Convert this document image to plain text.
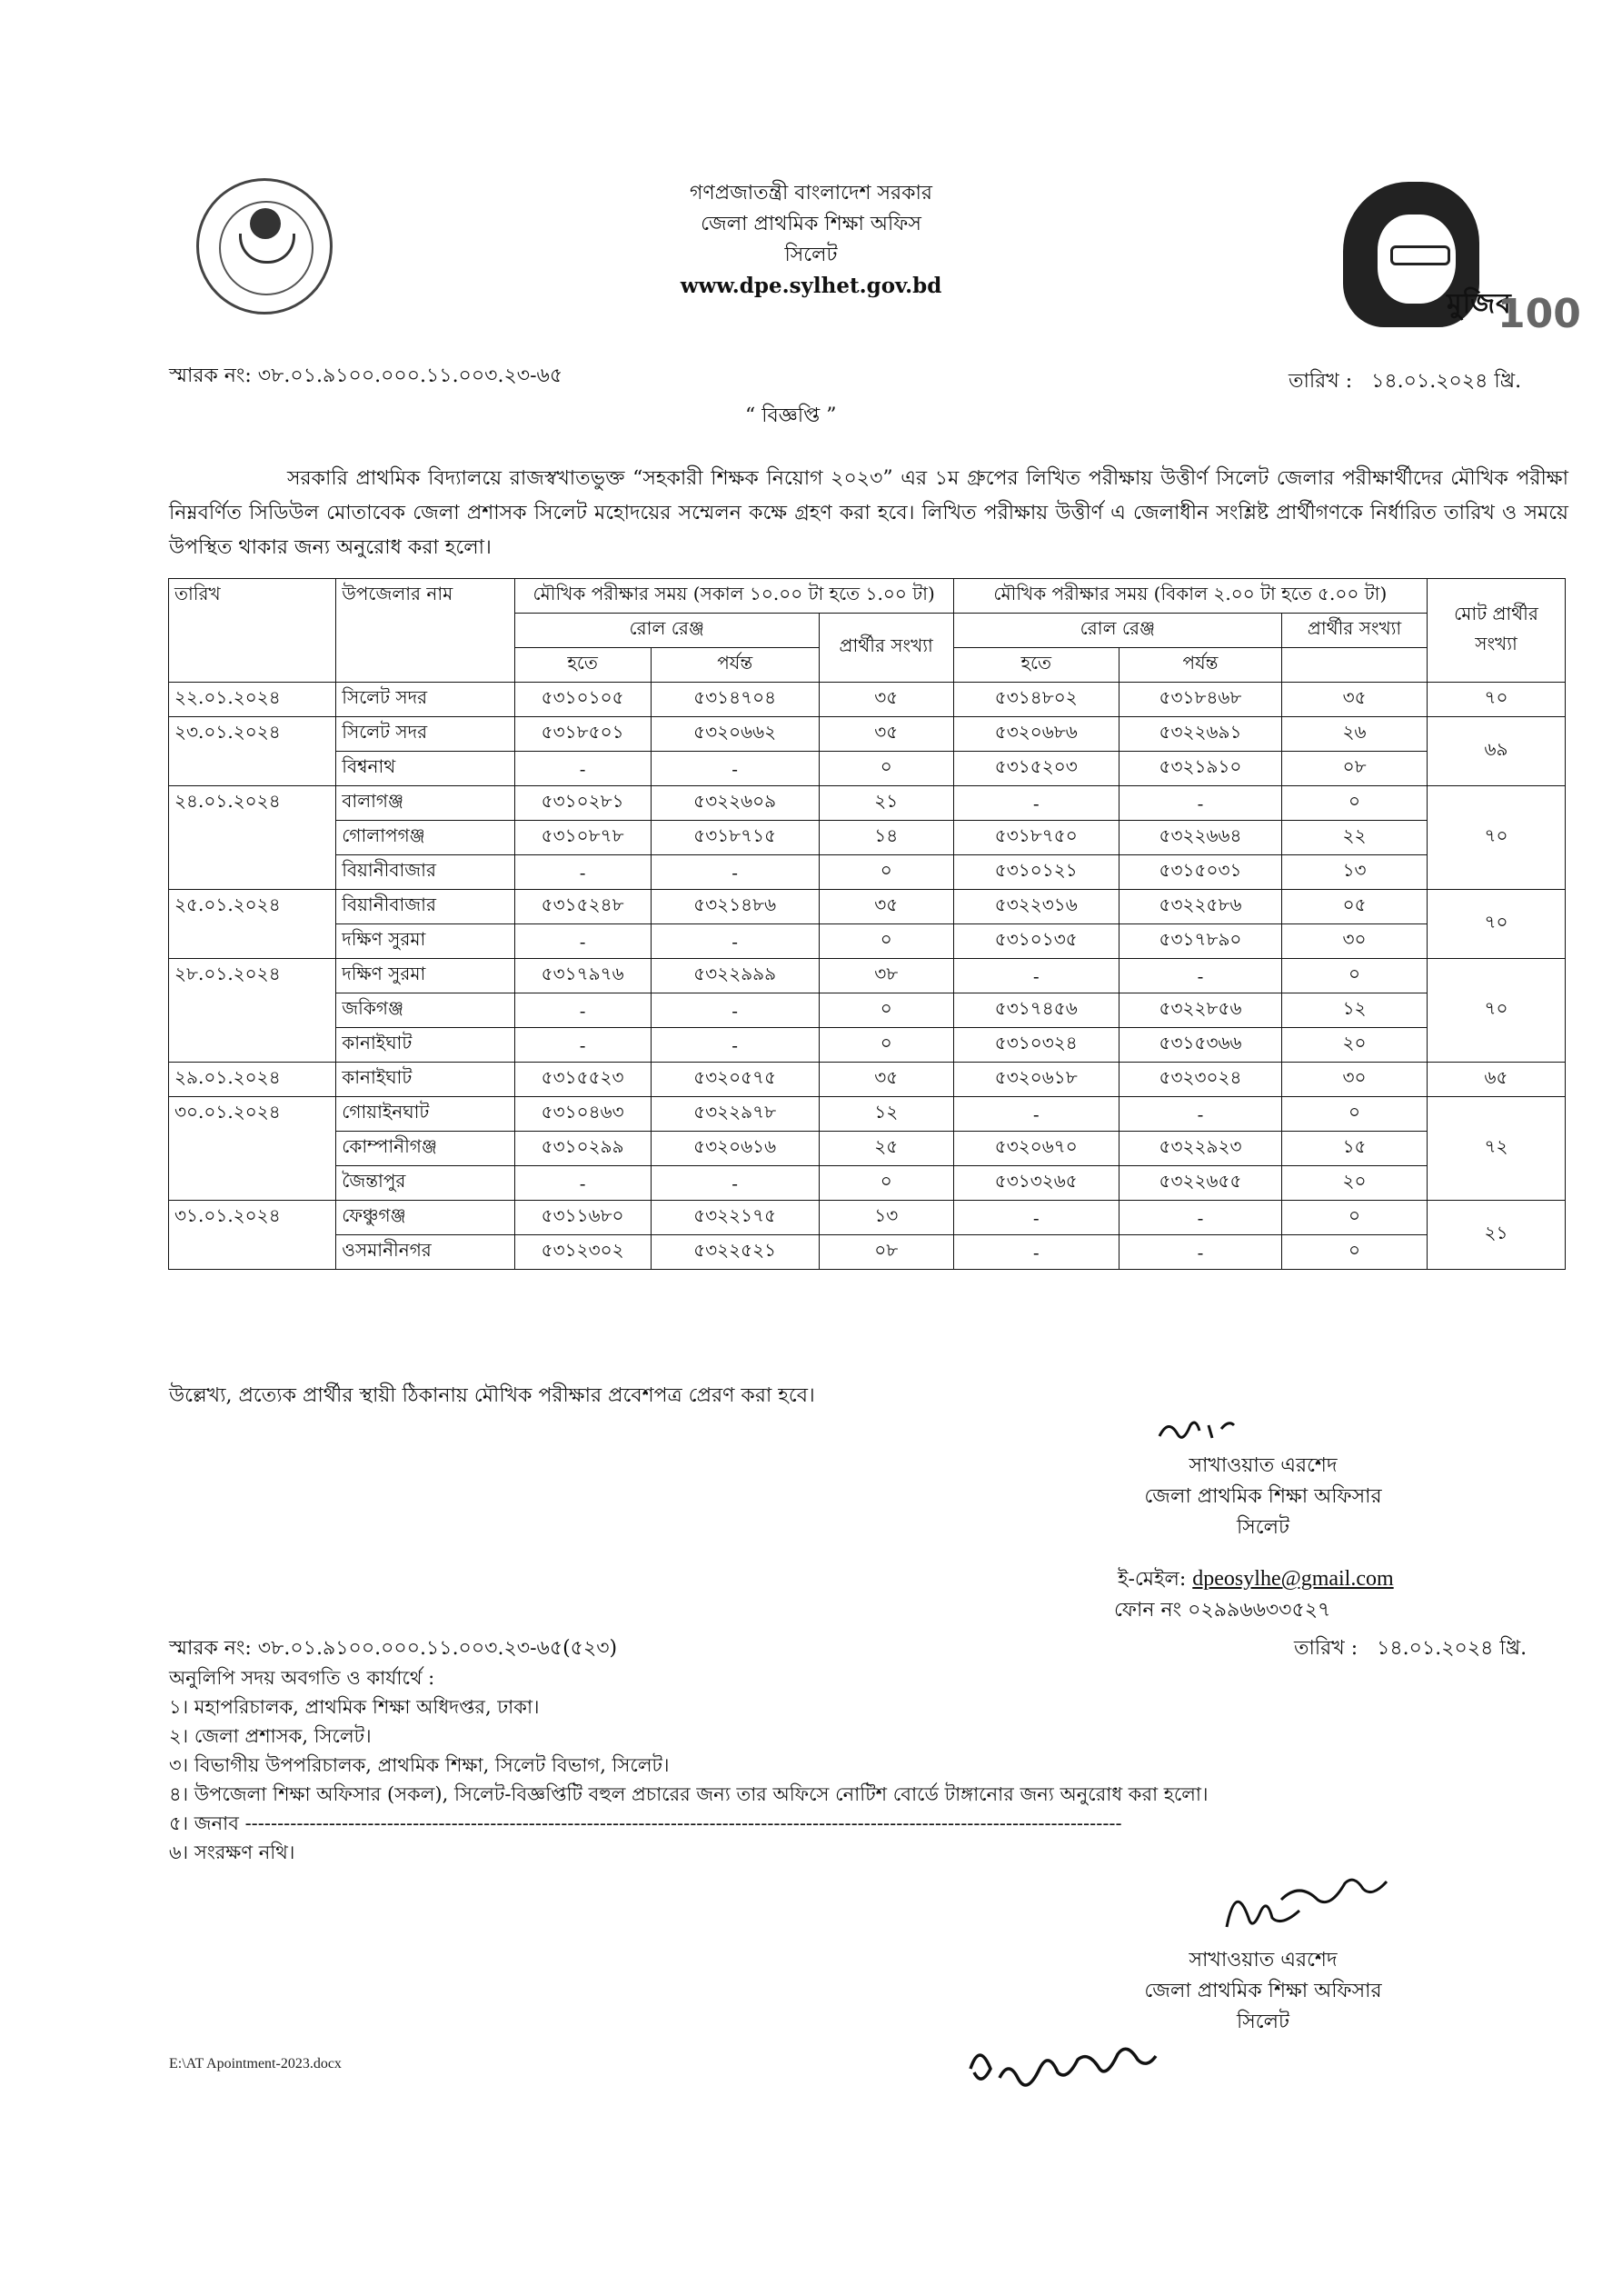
মুজিব
100
গণপ্রজাতন্ত্রী বাংলাদেশ সরকার
জেলা প্রাথমিক শিক্ষা অফিস
সিলেট
www.dpe.sylhet.gov.bd
স্মারক নং: ৩৮.০১.৯১০০.০০০.১১.০০৩.২৩-৬৫	তারিখ : ১৪.০১.২০২৪ খ্রি.
“ বিজ্ঞপ্তি ”
সরকারি প্রাথমিক বিদ্যালয়ে রাজস্বখাতভুক্ত “সহকারী শিক্ষক নিয়োগ ২০২৩” এর ১ম গ্রুপের লিখিত পরীক্ষায় উত্তীর্ণ সিলেট জেলার পরীক্ষার্থীদের মৌখিক পরীক্ষা নিম্নবর্ণিত সিডিউল মোতাবেক জেলা প্রশাসক সিলেট মহোদয়ের সম্মেলন কক্ষে গ্রহণ করা হবে। লিখিত পরীক্ষায় উত্তীর্ণ এ জেলাধীন সংশ্লিষ্ট প্রার্থীগণকে নির্ধারিত তারিখ ও সময়ে উপস্থিত থাকার জন্য অনুরোধ করা হলো।
তারিখ	উপজেলার নাম	মৌখিক পরীক্ষার সময় (সকাল ১০.০০ টা হতে ১.০০ টা)			মৌখিক পরীক্ষার সময় (বিকাল ২.০০ টা হতে ৫.০০ টা)			মোট প্রার্থীর সংখ্যা
		রোল রেঞ্জ		প্রার্থীর সংখ্যা	রোল রেঞ্জ		প্রার্থীর সংখ্যা	
		হতে	পর্যন্ত		হতে	পর্যন্ত		
২২.০১.২০২৪	সিলেট সদর	৫৩১০১০৫	৫৩১৪৭০৪	৩৫	৫৩১৪৮০২	৫৩১৮৪৬৮	৩৫	৭০
২৩.০১.২০২৪	সিলেট সদর	৫৩১৮৫০১	৫৩২০৬৬২	৩৫	৫৩২০৬৮৬	৫৩২২৬৯১	২৬	৬৯
	বিশ্বনাথ	-	-	০	৫৩১৫২০৩	৫৩২১৯১০	০৮	
২৪.০১.২০২৪	বালাগঞ্জ	৫৩১০২৮১	৫৩২২৬০৯	২১	-	-	০	৭০
	গোলাপগঞ্জ	৫৩১০৮৭৮	৫৩১৮৭১৫	১৪	৫৩১৮৭৫০	৫৩২২৬৬৪	২২	
	বিয়ানীবাজার	-	-	০	৫৩১০১২১	৫৩১৫০৩১	১৩	
২৫.০১.২০২৪	বিয়ানীবাজার	৫৩১৫২৪৮	৫৩২১৪৮৬	৩৫	৫৩২২৩১৬	৫৩২২৫৮৬	০৫	৭০
	দক্ষিণ সুরমা	-	-	০	৫৩১০১৩৫	৫৩১৭৮৯০	৩০	
২৮.০১.২০২৪	দক্ষিণ সুরমা	৫৩১৭৯৭৬	৫৩২২৯৯৯	৩৮	-	-	০	৭০
	জকিগঞ্জ	-	-	০	৫৩১৭৪৫৬	৫৩২২৮৫৬	১২	
	কানাইঘাট	-	-	০	৫৩১০৩২৪	৫৩১৫৩৬৬	২০	
২৯.০১.২০২৪	কানাইঘাট	৫৩১৫৫২৩	৫৩২০৫৭৫	৩৫	৫৩২০৬১৮	৫৩২৩০২৪	৩০	৬৫
৩০.০১.২০২৪	গোয়াইনঘাট	৫৩১০৪৬৩	৫৩২২৯৭৮	১২	-	-	০	৭২
	কোম্পানীগঞ্জ	৫৩১০২৯৯	৫৩২০৬১৬	২৫	৫৩২০৬৭০	৫৩২২৯২৩	১৫	
	জৈন্তাপুর	-	-	০	৫৩১৩২৬৫	৫৩২২৬৫৫	২০	
৩১.০১.২০২৪	ফেঞ্চুগঞ্জ	৫৩১১৬৮০	৫৩২২১৭৫	১৩	-	-	০	২১
	ওসমানীনগর	৫৩১২৩০২	৫৩২২৫২১	০৮	-	-	০	
উল্লেখ্য, প্রত্যেক প্রার্থীর স্থায়ী ঠিকানায় মৌখিক পরীক্ষার প্রবেশপত্র প্রেরণ করা হবে।
সাখাওয়াত এরশেদ
জেলা প্রাথমিক শিক্ষা অফিসার
সিলেট
ই-মেইল: dpeosylhe@gmail.com
ফোন নং ০২৯৯৬৬৩৩৫২৭
স্মারক নং: ৩৮.০১.৯১০০.০০০.১১.০০৩.২৩-৬৫(৫২৩)	তারিখ : ১৪.০১.২০২৪ খ্রি.
অনুলিপি সদয় অবগতি ও কার্যার্থে :
১। মহাপরিচালক, প্রাথমিক শিক্ষা অধিদপ্তর, ঢাকা।
২। জেলা প্রশাসক, সিলেট।
৩। বিভাগীয় উপপরিচালক, প্রাথমিক শিক্ষা, সিলেট বিভাগ, সিলেট।
৪। উপজেলা শিক্ষা অফিসার (সকল), সিলেট-বিজ্ঞপ্তিটি বহুল প্রচারের জন্য তার অফিসে নোটিশ বোর্ডে টাঙ্গানোর জন্য অনুরোধ করা হলো।
৫। জনাব ----------------------------------------------------------------------------------------------------------------------------------------
৬। সংরক্ষণ নথি।
সাখাওয়াত এরশেদ
জেলা প্রাথমিক শিক্ষা অফিসার
সিলেট
E:\AT Apointment-2023.docx
